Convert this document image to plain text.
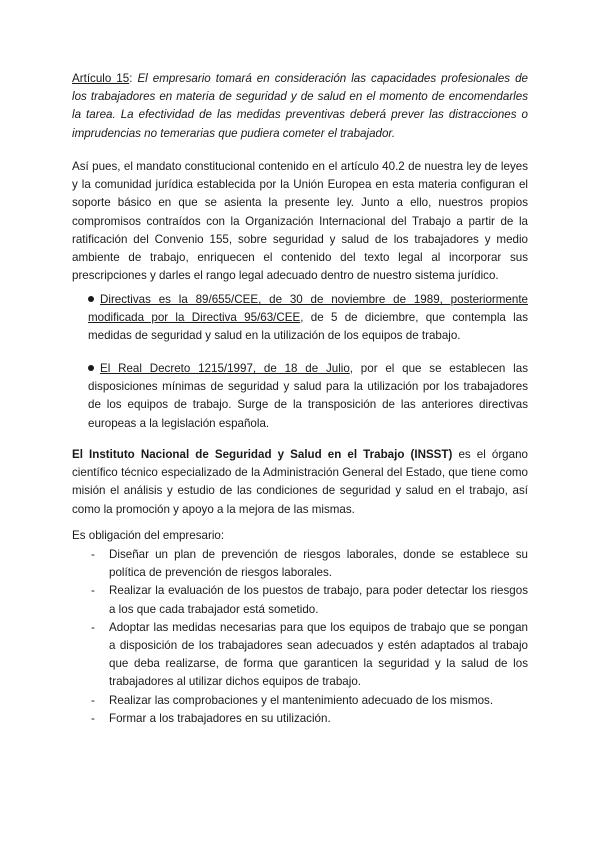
Artículo 15: El empresario tomará en consideración las capacidades profesionales de los trabajadores en materia de seguridad y de salud en el momento de encomendarles la tarea. La efectividad de las medidas preventivas deberá prever las distracciones o imprudencias no temerarias que pudiera cometer el trabajador.

Así pues, el mandato constitucional contenido en el artículo 40.2 de nuestra ley de leyes y la comunidad jurídica establecida por la Unión Europea en esta materia configuran el soporte básico en que se asienta la presente ley. Junto a ello, nuestros propios compromisos contraídos con la Organización Internacional del Trabajo a partir de la ratificación del Convenio 155, sobre seguridad y salud de los trabajadores y medio ambiente de trabajo, enriquecen el contenido del texto legal al incorporar sus prescripciones y darles el rango legal adecuado dentro de nuestro sistema jurídico.

Directivas es la 89/655/CEE, de 30 de noviembre de 1989, posteriormente modificada por la Directiva 95/63/CEE, de 5 de diciembre, que contempla las medidas de seguridad y salud en la utilización de los equipos de trabajo.

El Real Decreto 1215/1997, de 18 de Julio, por el que se establecen las disposiciones mínimas de seguridad y salud para la utilización por los trabajadores de los equipos de trabajo. Surge de la transposición de las anteriores directivas europeas a la legislación española.

El Instituto Nacional de Seguridad y Salud en el Trabajo (INSST) es el órgano científico técnico especializado de la Administración General del Estado, que tiene como misión el análisis y estudio de las condiciones de seguridad y salud en el trabajo, así como la promoción y apoyo a la mejora de las mismas.

Es obligación del empresario:

- Diseñar un plan de prevención de riesgos laborales, donde se establece su política de prevención de riesgos laborales.
- Realizar la evaluación de los puestos de trabajo, para poder detectar los riesgos a los que cada trabajador está sometido.
- Adoptar las medidas necesarias para que los equipos de trabajo que se pongan a disposición de los trabajadores sean adecuados y estén adaptados al trabajo que deba realizarse, de forma que garanticen la seguridad y la salud de los trabajadores al utilizar dichos equipos de trabajo.
- Realizar las comprobaciones y el mantenimiento adecuado de los mismos.
- Formar a los trabajadores en su utilización.
